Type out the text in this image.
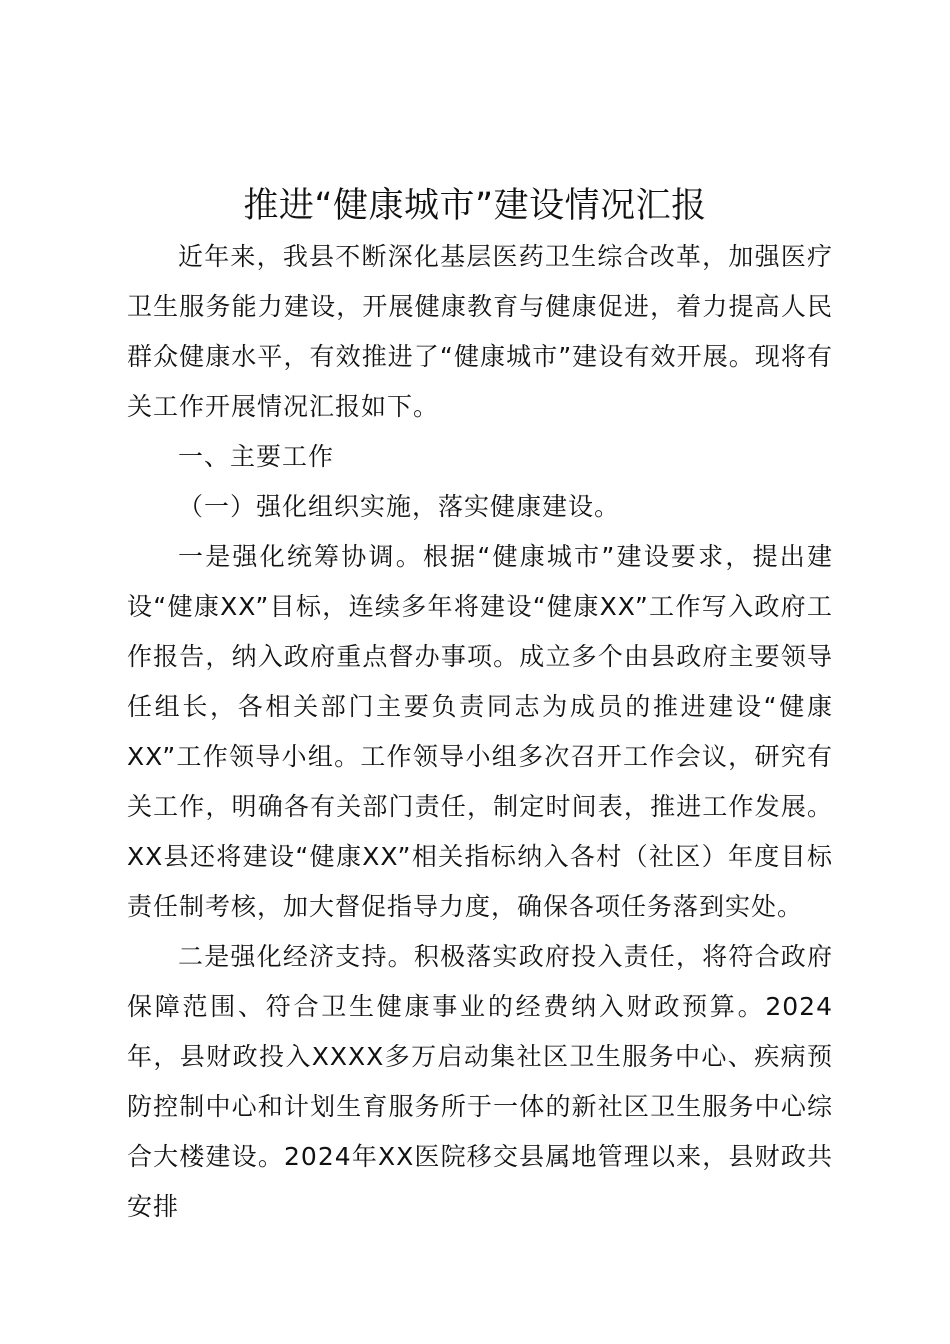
推进“健康城市”建设情况汇报

近年来，我县不断深化基层医药卫生综合改革，加强医疗卫生服务能力建设，开展健康教育与健康促进，着力提高人民群众健康水平，有效推进了“健康城市”建设有效开展。现将有关工作开展情况汇报如下。

一、主要工作

（一）强化组织实施，落实健康建设。

一是强化统筹协调。根据“健康城市”建设要求，提出建设“健康XX”目标，连续多年将建设“健康XX”工作写入政府工作报告，纳入政府重点督办事项。成立多个由县政府主要领导任组长，各相关部门主要负责同志为成员的推进建设“健康XX”工作领导小组。工作领导小组多次召开工作会议，研究有关工作，明确各有关部门责任，制定时间表，推进工作发展。XX县还将建设“健康XX”相关指标纳入各村（社区）年度目标责任制考核，加大督促指导力度，确保各项任务落到实处。

二是强化经济支持。积极落实政府投入责任，将符合政府保障范围、符合卫生健康事业的经费纳入财政预算。2024年，县财政投入XXXX多万启动集社区卫生服务中心、疾病预防控制中心和计划生育服务所于一体的新社区卫生服务中心综合大楼建设。2024年XX医院移交县属地管理以来，县财政共安排
